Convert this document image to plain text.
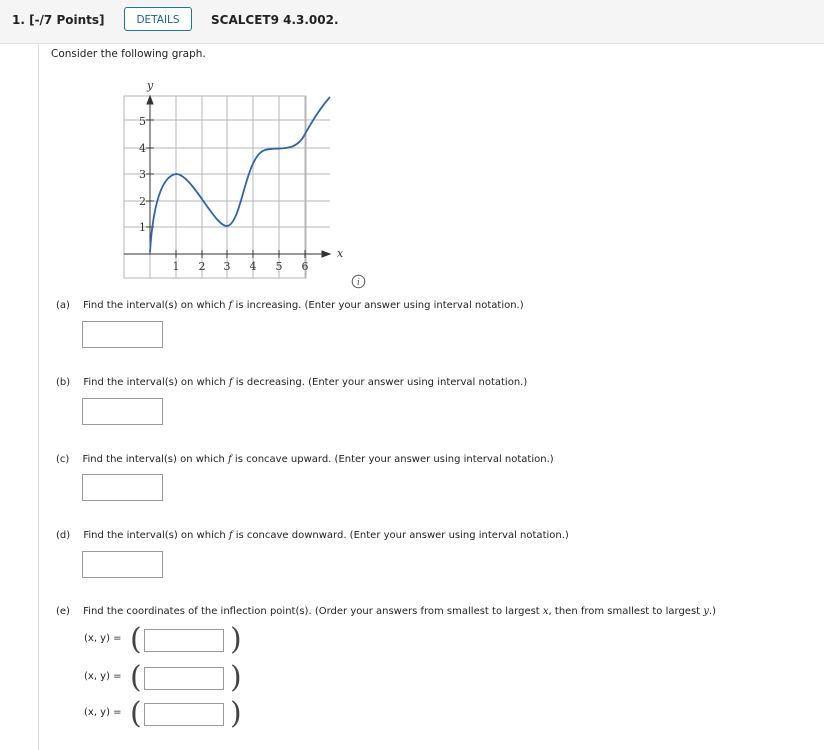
1. [-/7 Points]	DETAILS	SCALCET9 4.3.002.
Consider the following graph.
y
x
1
2
3
4
5
1 2 3 4 5 6
i
(a) Find the interval(s) on which f is increasing. (Enter your answer using interval notation.)
(b) Find the interval(s) on which f is decreasing. (Enter your answer using interval notation.)
(c) Find the interval(s) on which f is concave upward. (Enter your answer using interval notation.)
(d) Find the interval(s) on which f is concave downward. (Enter your answer using interval notation.)
(e) Find the coordinates of the inflection point(s). (Order your answers from smallest to largest x, then from smallest to largest y.)
(x, y) = (	)
(x, y) = (	)
(x, y) = (	)
